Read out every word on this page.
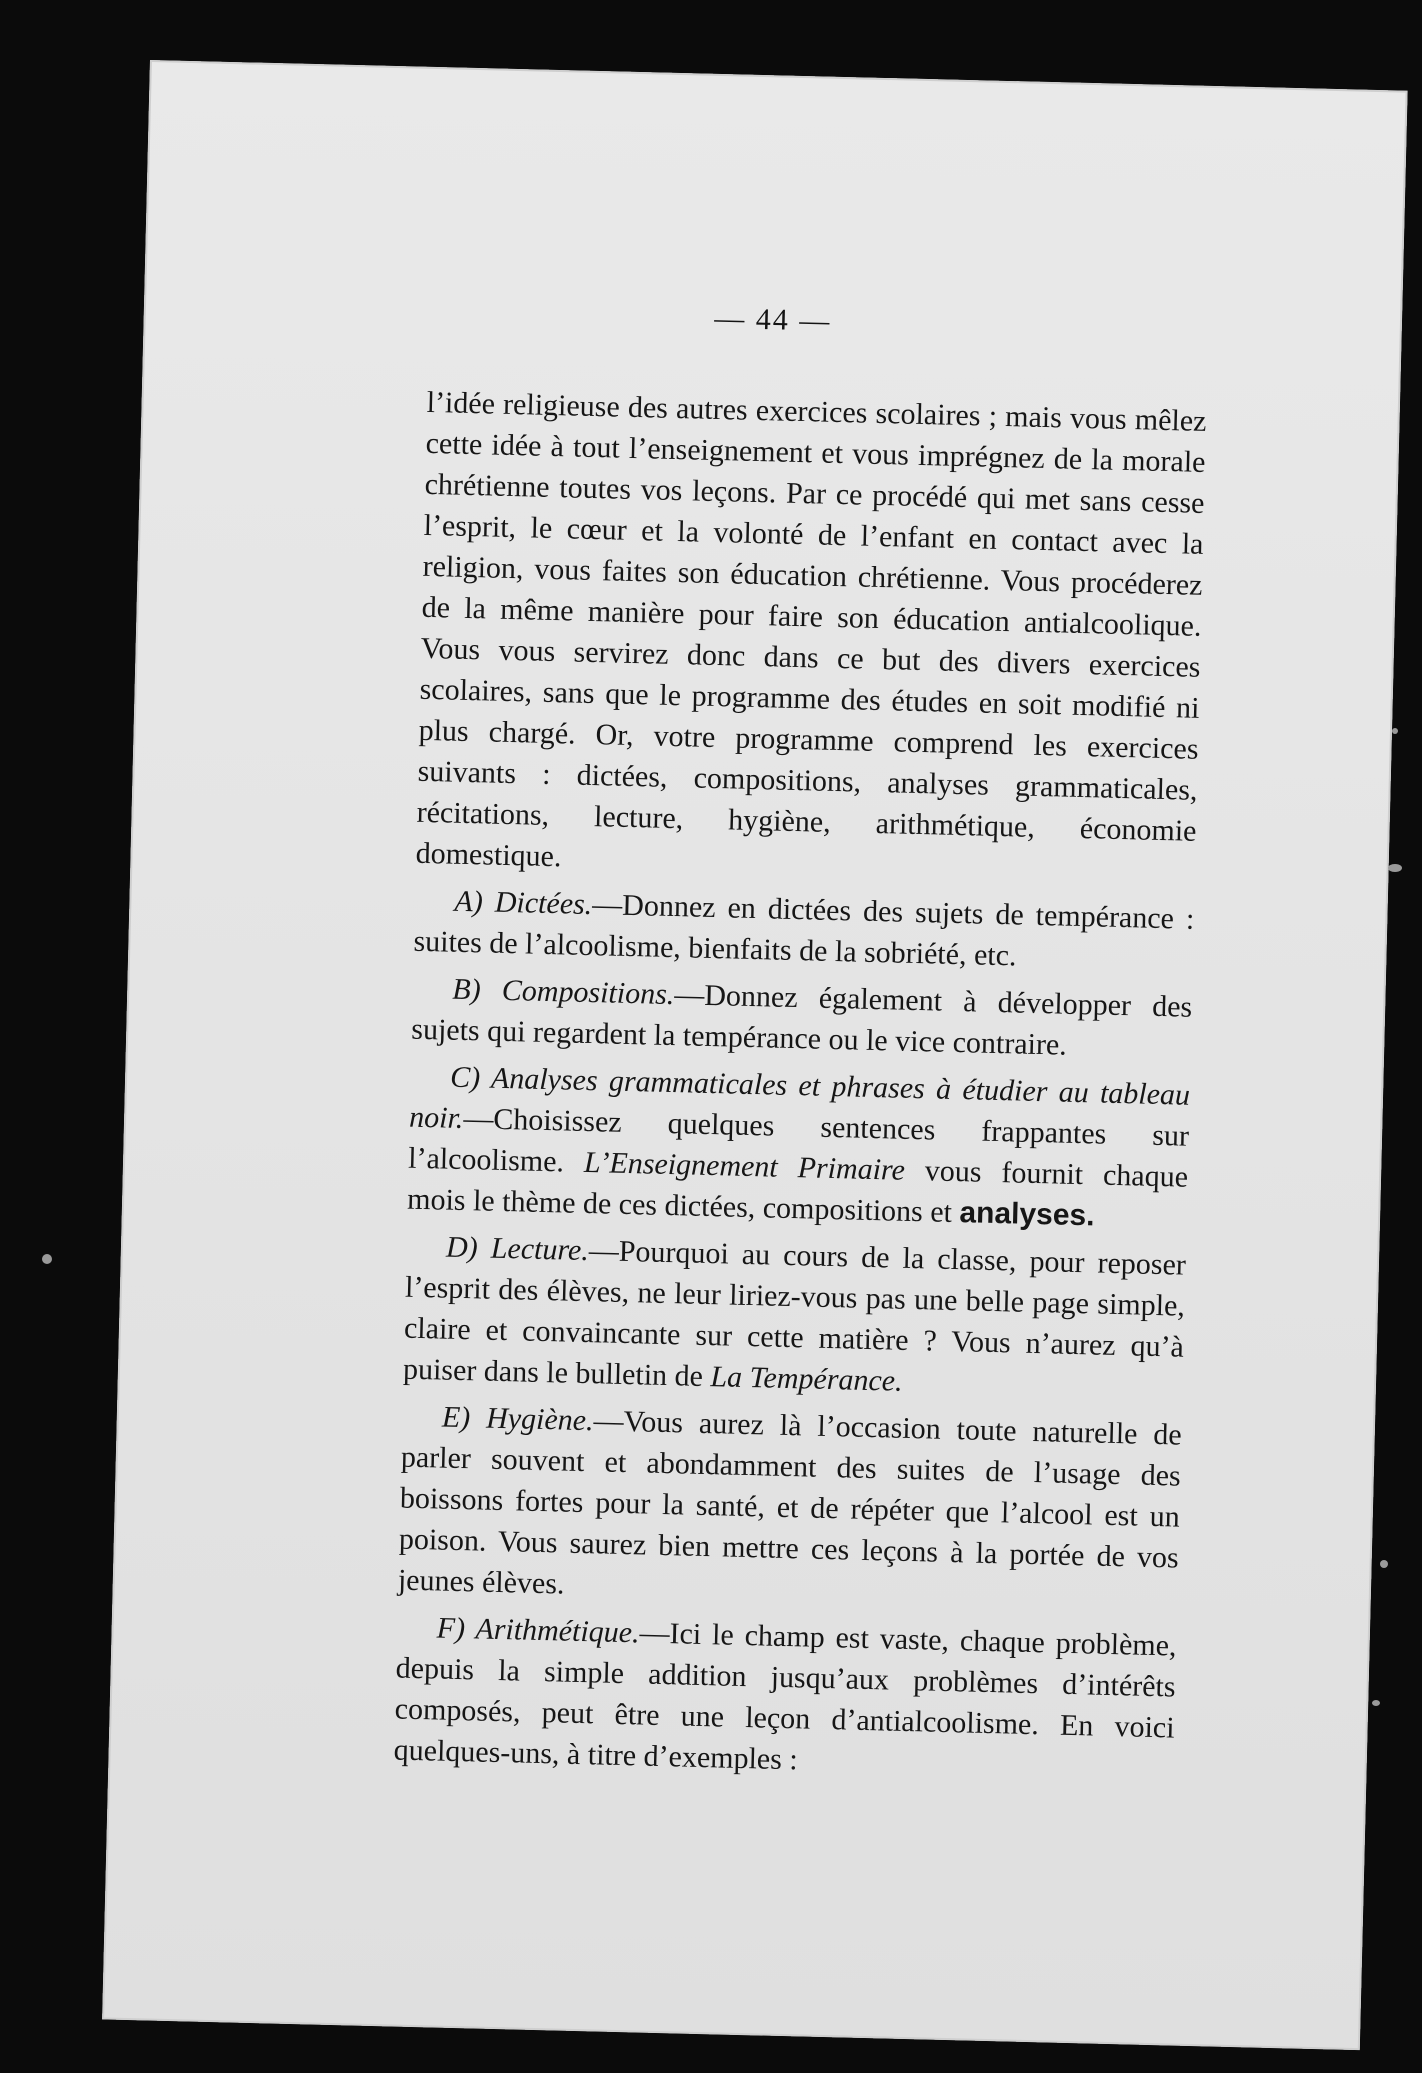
— 44 —

l’idée religieuse des autres exercices scolaires ; mais vous mêlez cette idée à tout l’enseignement et vous imprégnez de la morale chrétienne toutes vos leçons. Par ce procédé qui met sans cesse l’esprit, le cœur et la volonté de l’enfant en contact avec la religion, vous faites son éducation chrétienne. Vous procéderez de la même manière pour faire son éducation antialcoolique. Vous vous servirez donc dans ce but des divers exercices scolaires, sans que le programme des études en soit modifié ni plus chargé. Or, votre programme comprend les exercices suivants : dictées, compositions, analyses grammaticales, récitations, lecture, hygiène, arithmétique, économie domestique.

A) Dictées.—Donnez en dictées des sujets de tempérance : suites de l’alcoolisme, bienfaits de la sobriété, etc.

B) Compositions.—Donnez également à développer des sujets qui regardent la tempérance ou le vice contraire.

C) Analyses grammaticales et phrases à étudier au tableau noir.—Choisissez quelques sentences frappantes sur l’alcoolisme. L’Enseignement Primaire vous fournit chaque mois le thème de ces dictées, compositions et analyses.

D) Lecture.—Pourquoi au cours de la classe, pour reposer l’esprit des élèves, ne leur liriez-vous pas une belle page simple, claire et convaincante sur cette matière ? Vous n’aurez qu’à puiser dans le bulletin de La Tempérance.

E) Hygiène.—Vous aurez là l’occasion toute naturelle de parler souvent et abondamment des suites de l’usage des boissons fortes pour la santé, et de répéter que l’alcool est un poison. Vous saurez bien mettre ces leçons à la portée de vos jeunes élèves.

F) Arithmétique.—Ici le champ est vaste, chaque problème, depuis la simple addition jusqu’aux problèmes d’intérêts composés, peut être une leçon d’antialcoolisme. En voici quelques-uns, à titre d’exemples :
